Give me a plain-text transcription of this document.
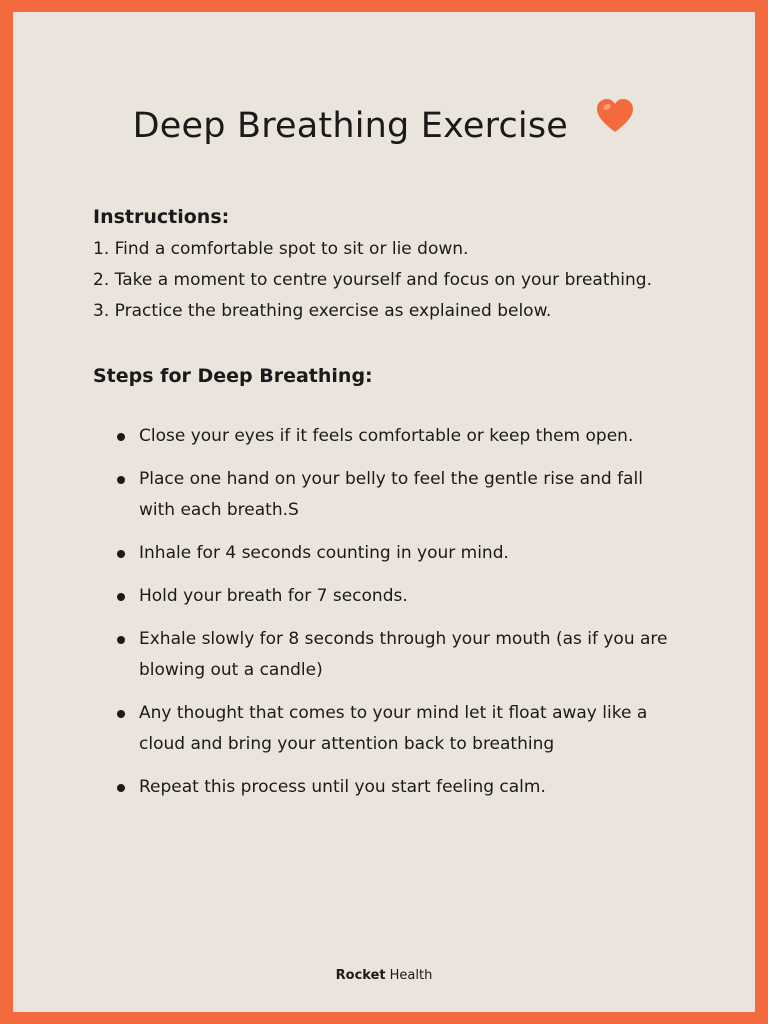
Deep Breathing Exercise

Instructions:

1. Find a comfortable spot to sit or lie down.
2. Take a moment to centre yourself and focus on your breathing.
3. Practice the breathing exercise as explained below.

Steps for Deep Breathing:

Close your eyes if it feels comfortable or keep them open.
Place one hand on your belly to feel the gentle rise and fall with each breath.S
Inhale for 4 seconds counting in your mind.
Hold your breath for 7 seconds.
Exhale slowly for 8 seconds through your mouth (as if you are blowing out a candle)
Any thought that comes to your mind let it float away like a cloud and bring your attention back to breathing
Repeat this process until you start feeling calm.
Rocket Health
